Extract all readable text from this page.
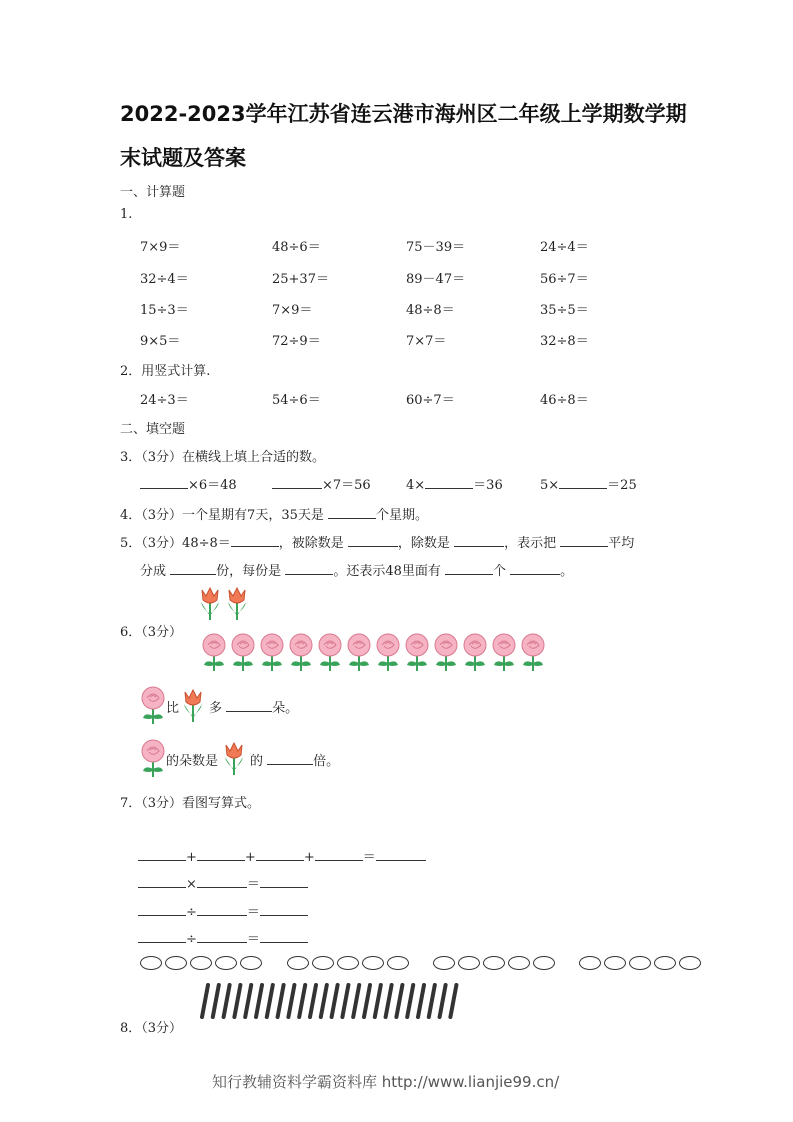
2022-2023学年江苏省连云港市海州区二年级上学期数学期
末试题及答案
一、计算题
1.
7×9＝	48÷6＝	75－39＝	24÷4＝
32÷4＝	25+37＝	89－47＝	56÷7＝
15÷3＝	7×9＝	48÷8＝	35÷5＝
9×5＝	72÷9＝	7×7＝	32÷8＝
2．用竖式计算.
24÷3＝	54÷6＝	60÷7＝	46÷8＝
二、填空题
3．（3分）在横线上填上合适的数。
×6＝48	×7＝56	4×	＝36	5×	＝25
4．（3分）一个星期有7天，35天是	个星期。
5．（3分）48÷8＝	，被除数是	，除数是	，表示把	平均
分成	份，每份是	。还表示48里面有	个	。
6．（3分）
比 多	朵。
的朵数是 的	倍。
7．（3分）看图写算式。
+	+	+	＝
×	＝
÷	＝
÷	＝
8．（3分）
知行教辅资料学霸资料库 http://www.lianjie99.cn/
